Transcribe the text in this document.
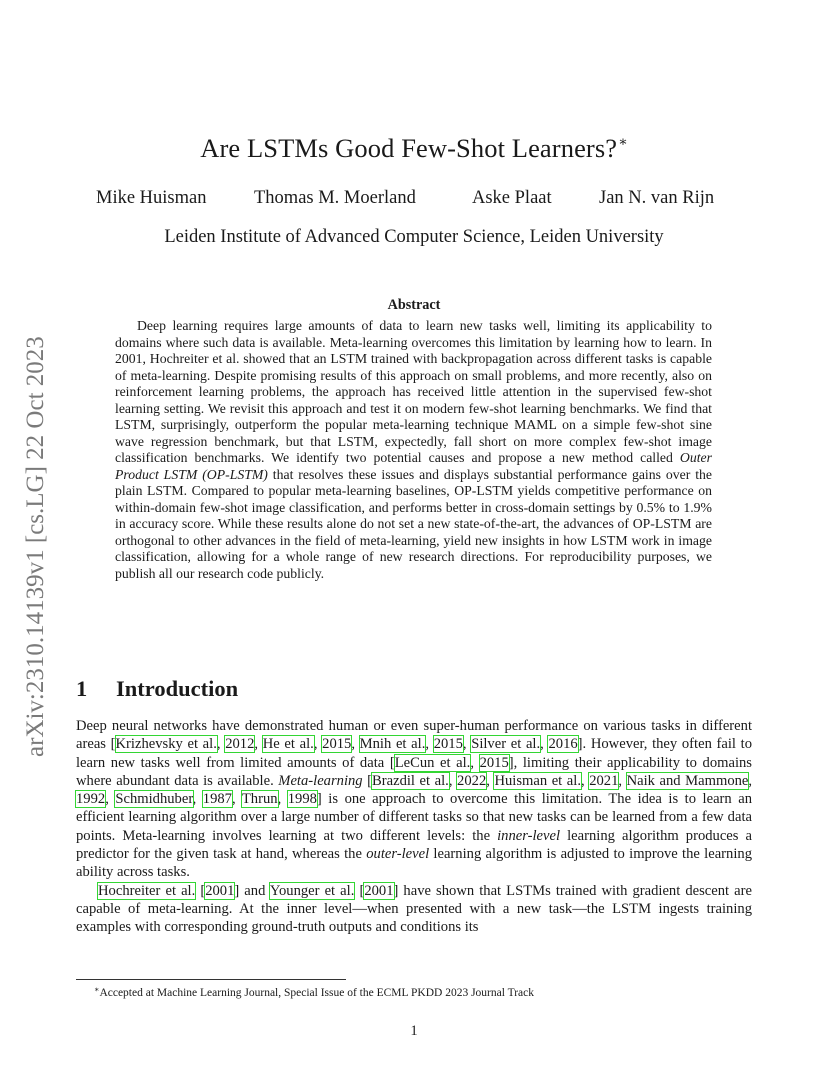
arXiv:2310.14139v1 [cs.LG] 22 Oct 2023
Are LSTMs Good Few-Shot Learners?∗
Mike Huisman	Thomas M. Moerland	Aske Plaat	Jan N. van Rijn
Leiden Institute of Advanced Computer Science, Leiden University
Abstract

Deep learning requires large amounts of data to learn new tasks well, limiting its applicability to domains where such data is available. Meta-learning overcomes this limitation by learning how to learn. In 2001, Hochreiter et al. showed that an LSTM trained with backpropagation across different tasks is capable of meta-learning. Despite promising results of this approach on small problems, and more recently, also on reinforcement learning problems, the approach has received little attention in the supervised few-shot learning setting. We revisit this approach and test it on modern few-shot learning benchmarks. We find that LSTM, surprisingly, outperform the popular meta-learning technique MAML on a simple few-shot sine wave regression benchmark, but that LSTM, expectedly, fall short on more complex few-shot image classification benchmarks. We identify two potential causes and propose a new method called Outer Product LSTM (OP-LSTM) that resolves these issues and displays substantial performance gains over the plain LSTM. Compared to popular meta-learning baselines, OP-LSTM yields competitive performance on within-domain few-shot image classification, and performs better in cross-domain settings by 0.5% to 1.9% in accuracy score. While these results alone do not set a new state-of-the-art, the advances of OP-LSTM are orthogonal to other advances in the field of meta-learning, yield new insights in how LSTM work in image classification, allowing for a whole range of new research directions. For reproducibility purposes, we publish all our research code publicly.

1 Introduction

Deep neural networks have demonstrated human or even super-human performance on various tasks in different areas [Krizhevsky et al., 2012, He et al., 2015, Mnih et al., 2015, Silver et al., 2016]. However, they often fail to learn new tasks well from limited amounts of data [LeCun et al., 2015], limiting their applicability to domains where abundant data is available. Meta-learning [Brazdil et al., 2022, Huisman et al., 2021, Naik and Mammone, 1992, Schmidhuber, 1987, Thrun, 1998] is one approach to overcome this limitation. The idea is to learn an efficient learning algorithm over a large number of different tasks so that new tasks can be learned from a few data points. Meta-learning involves learning at two different levels: the inner-level learning algorithm produces a predictor for the given task at hand, whereas the outer-level learning algorithm is adjusted to improve the learning ability across tasks.

Hochreiter et al. [2001] and Younger et al. [2001] have shown that LSTMs trained with gradient descent are capable of meta-learning. At the inner level—when presented with a new task—the LSTM ingests training examples with corresponding ground-truth outputs and conditions its

∗Accepted at Machine Learning Journal, Special Issue of the ECML PKDD 2023 Journal Track
1
